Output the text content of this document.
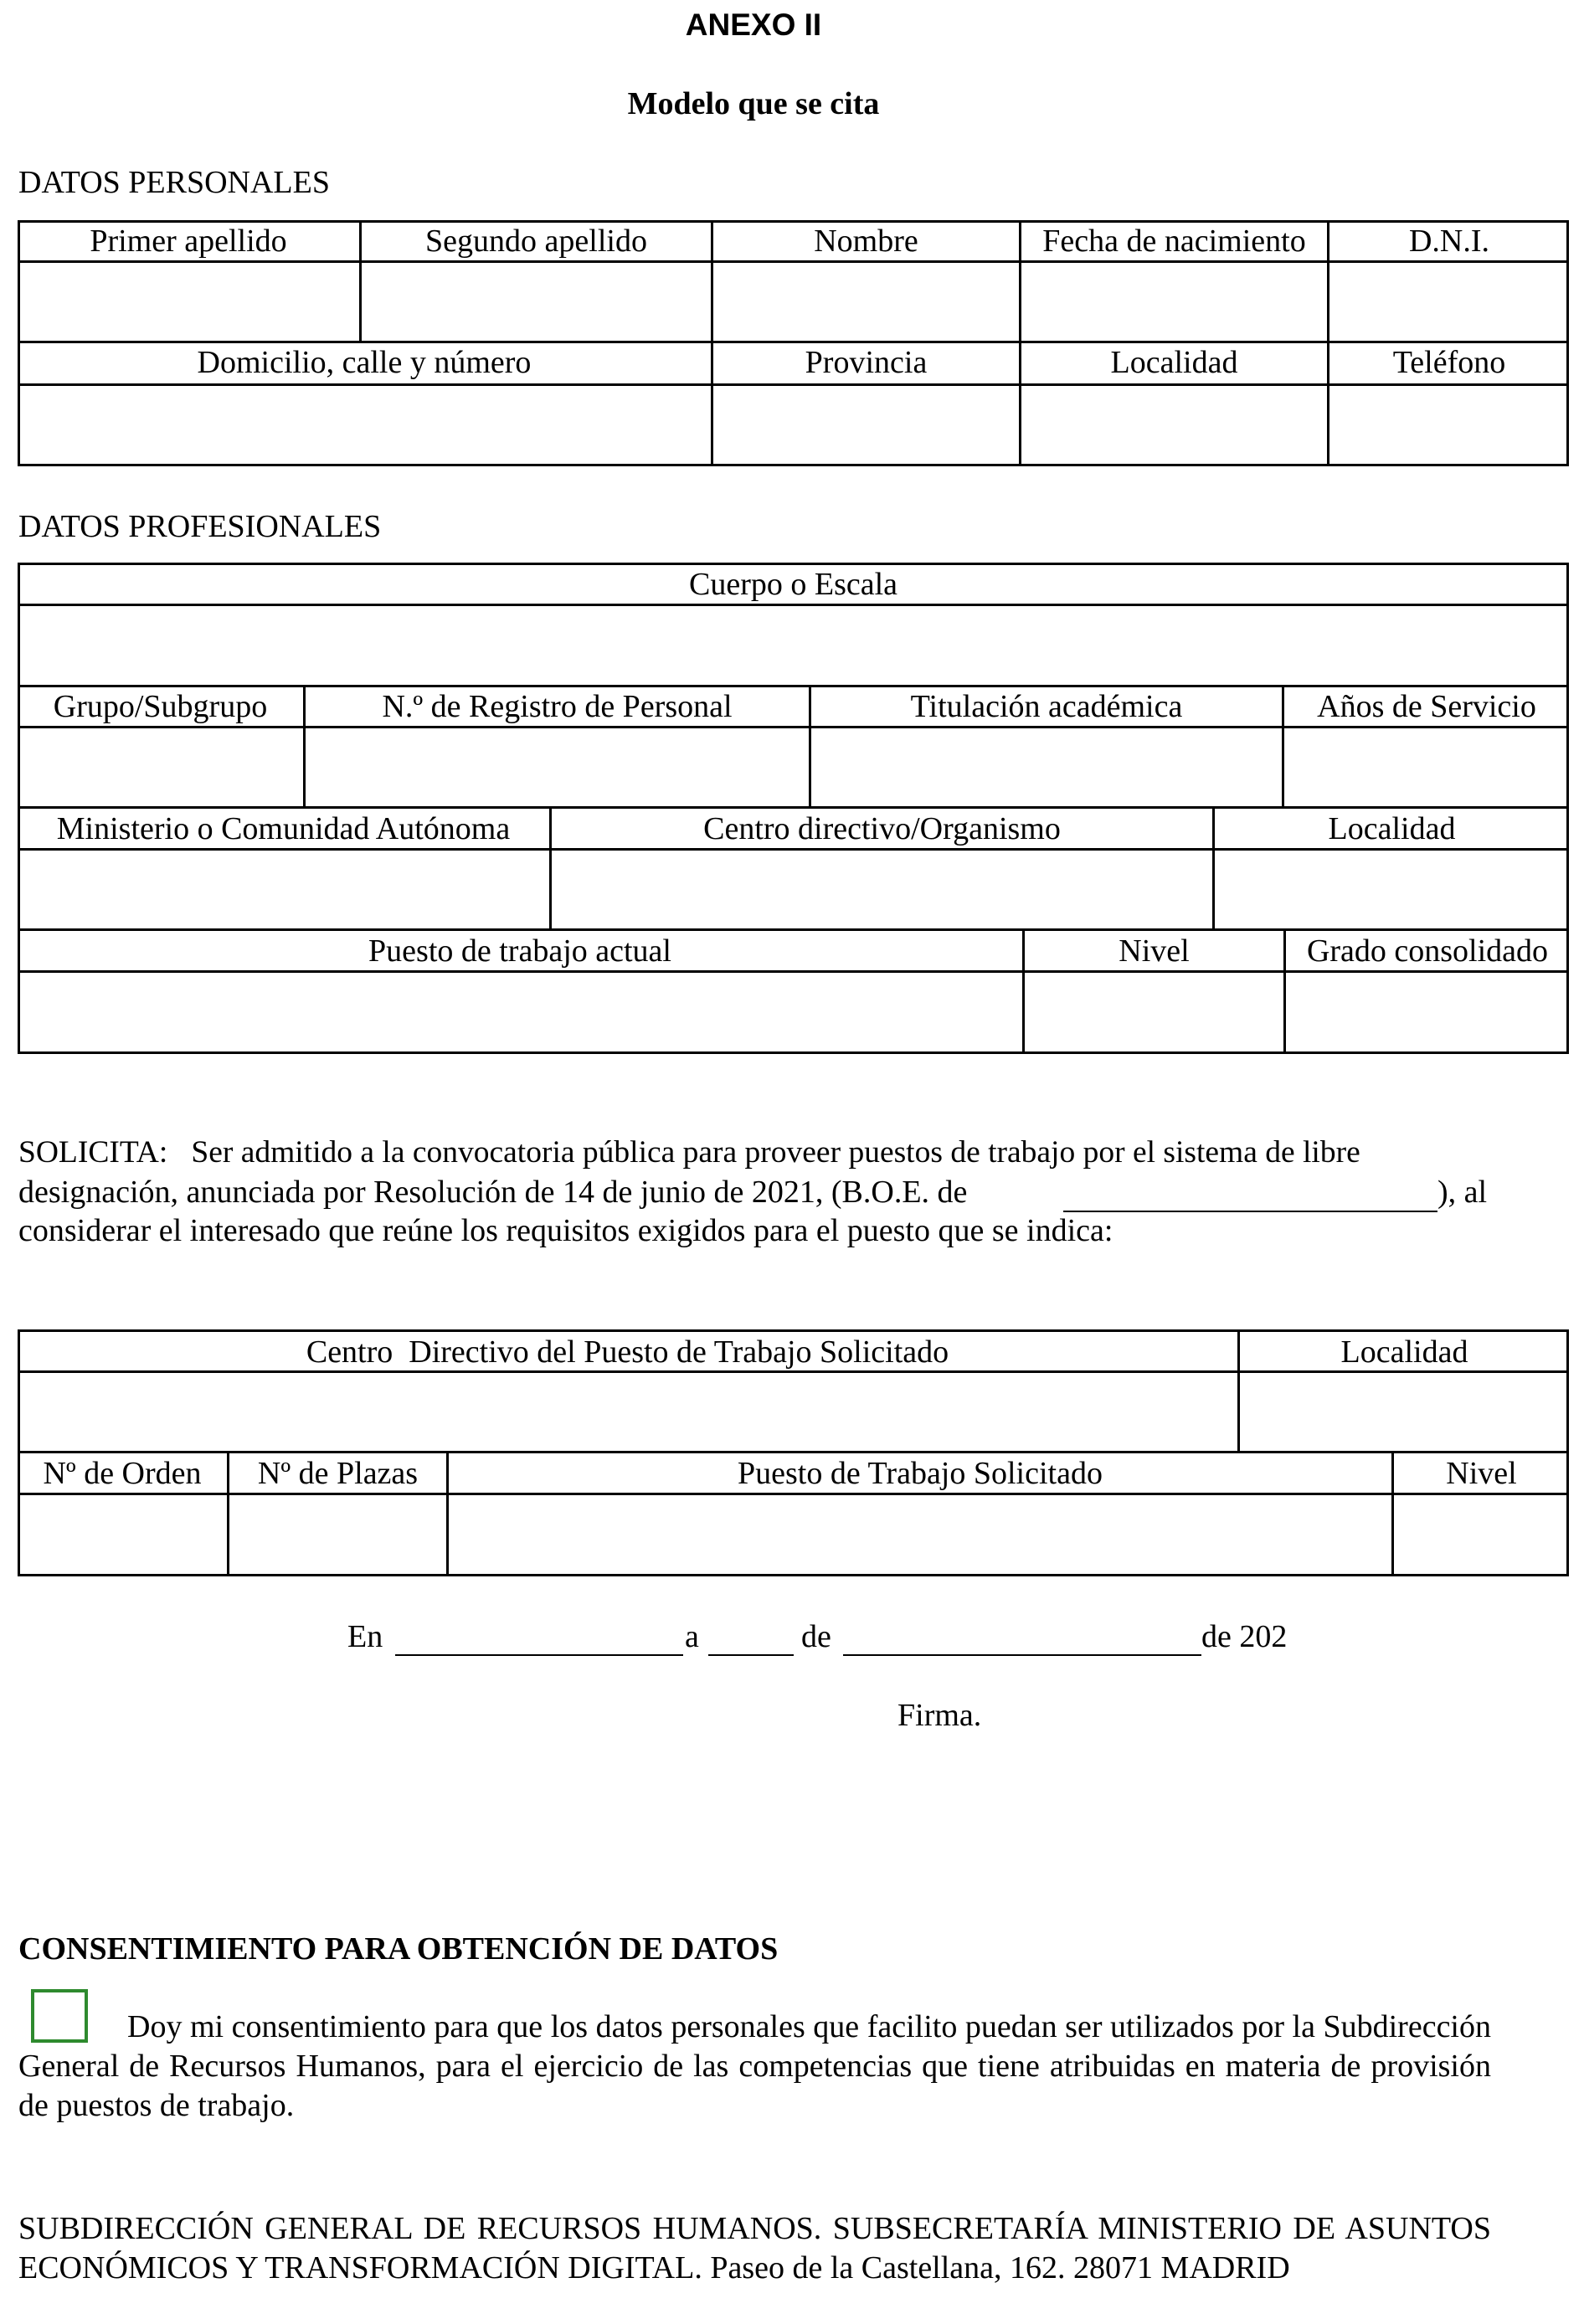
ANEXO II
Modelo que se cita
DATOS PERSONALES
Primer apellido	Segundo apellido	Nombre	Fecha de nacimiento	D.N.I.
Domicilio, calle y número	Provincia	Localidad	Teléfono
DATOS PROFESIONALES
Cuerpo o Escala
Grupo/Subgrupo	N.º de Registro de Personal	Titulación académica	Años de Servicio
Ministerio o Comunidad Autónoma	Centro directivo/Organismo	Localidad
Puesto de trabajo actual	Nivel	Grado consolidado
SOLICITA:   Ser admitido a la convocatoria pública para proveer puestos de trabajo por el sistema de libre
designación, anunciada por Resolución de 14 de junio de 2021, (B.O.E. de	), al
considerar el interesado que reúne los requisitos exigidos para el puesto que se indica:
Centro  Directivo del Puesto de Trabajo Solicitado	Localidad
Nº de Orden	Nº de Plazas	Puesto de Trabajo Solicitado	Nivel
En	a	de	de 202
Firma.
CONSENTIMIENTO PARA OBTENCIÓN DE DATOS
Doy mi consentimiento para que los datos personales que facilito puedan ser utilizados por la Subdirección General de Recursos Humanos, para el ejercicio de las competencias que tiene atribuidas en materia de provisión de puestos de trabajo.
SUBDIRECCIÓN GENERAL DE RECURSOS HUMANOS. SUBSECRETARÍA MINISTERIO DE ASUNTOS ECONÓMICOS Y TRANSFORMACIÓN DIGITAL. Paseo de la Castellana, 162. 28071 MADRID
